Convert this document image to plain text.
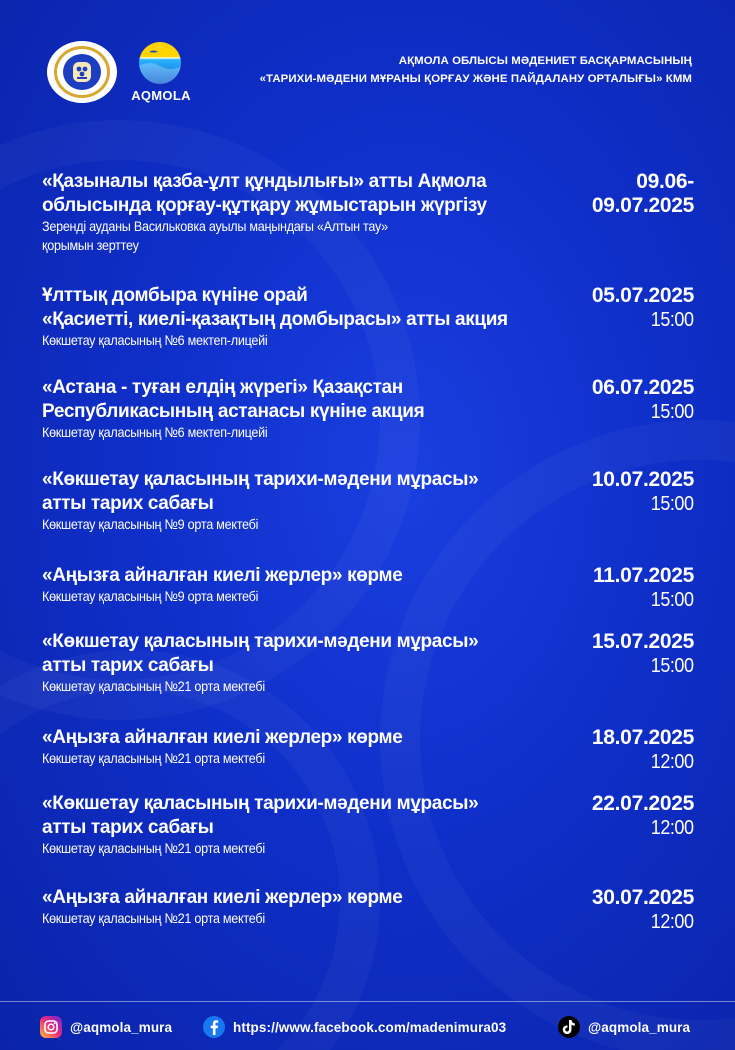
AQMOLA
АҚМОЛА ОБЛЫСЫ МӘДЕНИЕТ БАСҚАРМАСЫНЫҢ
«ТАРИХИ-МӘДЕНИ МҰРАНЫ ҚОРҒАУ ЖӘНЕ ПАЙДАЛАНУ ОРТАЛЫҒЫ» КММ
«Қазыналы қазба-ұлт құндылығы» атты Ақмола
облысында қорғау-құтқару жұмыстарын жүргізу
Зеренді ауданы Васильковка ауылы маңындағы «Алтын тау»
қорымын зерттеу
09.06-
09.07.2025
Ұлттық домбыра күніне орай
«Қасиетті, киелі-қазақтың домбырасы» атты акция
Көкшетау қаласының №6 мектеп-лицейі
05.07.2025
15:00
«Астана - туған елдің жүрегі» Қазақстан
Республикасының астанасы күніне акция
Көкшетау қаласының №6 мектеп-лицейі
06.07.2025
15:00
«Көкшетау қаласының тарихи-мәдени мұрасы»
атты тарих сабағы
Көкшетау қаласының №9 орта мектебі
10.07.2025
15:00
«Аңызға айналған киелі жерлер» көрме
Көкшетау қаласының №9 орта мектебі
11.07.2025
15:00
«Көкшетау қаласының тарихи-мәдени мұрасы»
атты тарих сабағы
Көкшетау қаласының №21 орта мектебі
15.07.2025
15:00
«Аңызға айналған киелі жерлер» көрме
Көкшетау қаласының №21 орта мектебі
18.07.2025
12:00
«Көкшетау қаласының тарихи-мәдени мұрасы»
атты тарих сабағы
Көкшетау қаласының №21 орта мектебі
22.07.2025
12:00
«Аңызға айналған киелі жерлер» көрме
Көкшетау қаласының №21 орта мектебі
30.07.2025
12:00
@aqmola_mura	https://www.facebook.com/madenimura03	@aqmola_mura
